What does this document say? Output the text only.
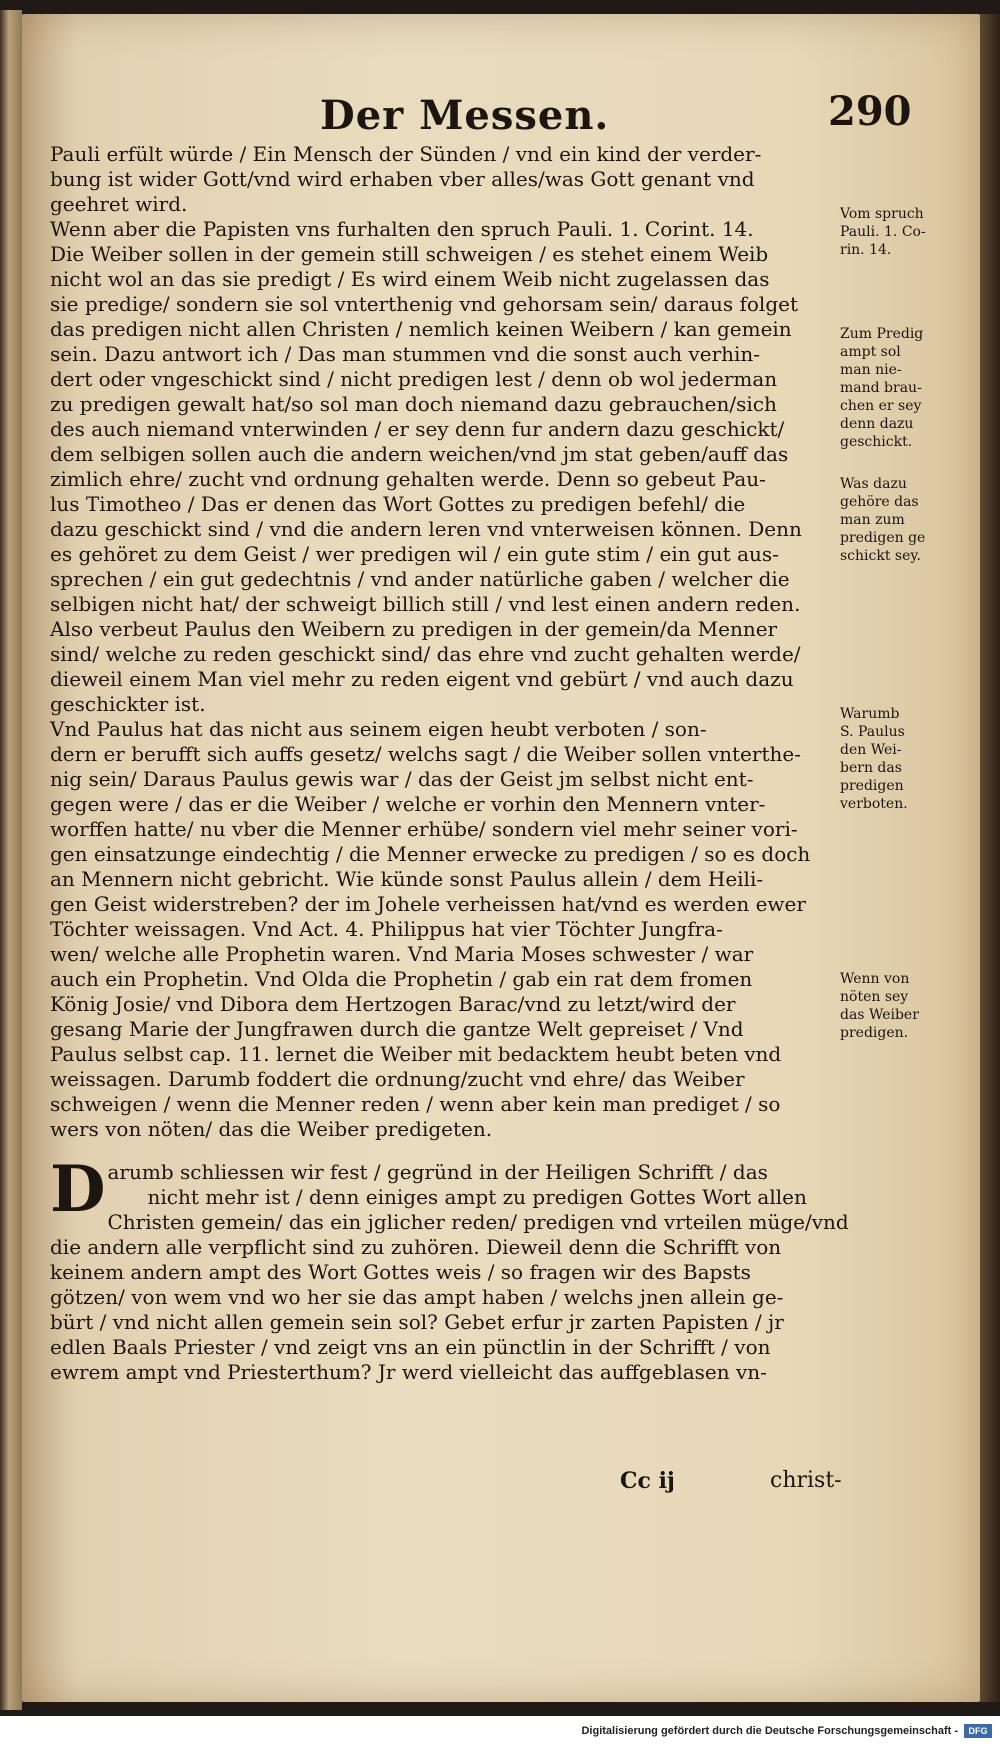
Der Messen.	290
Pauli erfült würde / Ein Mensch der Sünden / vnd ein kind der verder-
bung ist wider Gott/vnd wird erhaben vber alles/was Gott genant vnd
geehret wird.
Wenn aber die Papisten vns furhalten den spruch Pauli. 1. Corint. 14.
Die Weiber sollen in der gemein still schweigen / es stehet einem Weib
nicht wol an das sie predigt / Es wird einem Weib nicht zugelassen das
sie predige/ sondern sie sol vnterthenig vnd gehorsam sein/ daraus folget
das predigen nicht allen Christen / nemlich keinen Weibern / kan gemein
sein. Dazu antwort ich / Das man stummen vnd die sonst auch verhin-
dert oder vngeschickt sind / nicht predigen lest / denn ob wol jederman
zu predigen gewalt hat/so sol man doch niemand dazu gebrauchen/sich
des auch niemand vnterwinden / er sey denn fur andern dazu geschickt/
dem selbigen sollen auch die andern weichen/vnd jm stat geben/auff das
zimlich ehre/ zucht vnd ordnung gehalten werde. Denn so gebeut Pau-
lus Timotheo / Das er denen das Wort Gottes zu predigen befehl/ die
dazu geschickt sind / vnd die andern leren vnd vnterweisen können. Denn
es gehöret zu dem Geist / wer predigen wil / ein gute stim / ein gut aus-
sprechen / ein gut gedechtnis / vnd ander natürliche gaben / welcher die
selbigen nicht hat/ der schweigt billich still / vnd lest einen andern reden.
Also verbeut Paulus den Weibern zu predigen in der gemein/da Menner
sind/ welche zu reden geschickt sind/ das ehre vnd zucht gehalten werde/
dieweil einem Man viel mehr zu reden eigent vnd gebürt / vnd auch dazu
geschickter ist.
Vnd Paulus hat das nicht aus seinem eigen heubt verboten / son-
dern er berufft sich auffs gesetz/ welchs sagt / die Weiber sollen vnterthe-
nig sein/ Daraus Paulus gewis war / das der Geist jm selbst nicht ent-
gegen were / das er die Weiber / welche er vorhin den Mennern vnter-
worffen hatte/ nu vber die Menner erhübe/ sondern viel mehr seiner vori-
gen einsatzunge eindechtig / die Menner erwecke zu predigen / so es doch
an Mennern nicht gebricht. Wie künde sonst Paulus allein / dem Heili-
gen Geist widerstreben? der im Johele verheissen hat/vnd es werden ewer
Töchter weissagen. Vnd Act. 4. Philippus hat vier Töchter Jungfra-
wen/ welche alle Prophetin waren. Vnd Maria Moses schwester / war
auch ein Prophetin. Vnd Olda die Prophetin / gab ein rat dem fromen
König Josie/ vnd Dibora dem Hertzogen Barac/vnd zu letzt/wird der
gesang Marie der Jungfrawen durch die gantze Welt gepreiset / Vnd
Paulus selbst cap. 11. lernet die Weiber mit bedacktem heubt beten vnd
weissagen. Darumb foddert die ordnung/zucht vnd ehre/ das Weiber
schweigen / wenn die Menner reden / wenn aber kein man prediget / so
wers von nöten/ das die Weiber predigeten.
Darumb schliessen wir fest / gegründ in der Heiligen Schrifft / das
nicht mehr ist / denn einiges ampt zu predigen Gottes Wort allen
Christen gemein/ das ein jglicher reden/ predigen vnd vrteilen müge/vnd
die andern alle verpflicht sind zu zuhören. Dieweil denn die Schrifft von
keinem andern ampt des Wort Gottes weis / so fragen wir des Bapsts
götzen/ von wem vnd wo her sie das ampt haben / welchs jnen allein ge-
bürt / vnd nicht allen gemein sein sol? Gebet erfur jr zarten Papisten / jr
edlen Baals Priester / vnd zeigt vns an ein pünctlin in der Schrifft / von
ewrem ampt vnd Priesterthum? Jr werd vielleicht das auffgeblasen vn-
Vom spruch
Pauli. 1. Co-
rin. 14.
Zum Predig
ampt sol
man nie-
mand brau-
chen er sey
denn dazu
geschickt.
Was dazu
gehöre das
man zum
predigen ge
schickt sey.
Warumb
S. Paulus
den Wei-
bern das
predigen
verboten.
Wenn von
nöten sey
das Weiber
predigen.
Cc ij	christ-
Digitalisierung gefördert durch die Deutsche Forschungsgemeinschaft -	DFG
